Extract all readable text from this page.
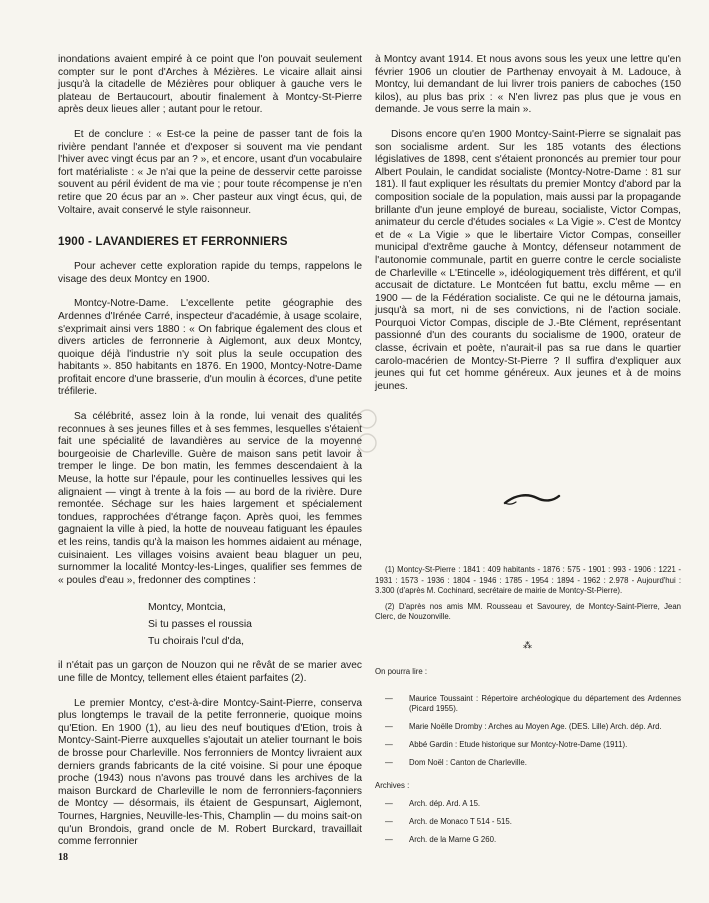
inondations avaient empiré à ce point que l'on pouvait seulement compter sur le pont d'Arches à Mézières. Le vicaire allait ainsi jusqu'à la citadelle de Mézières pour obliquer à gauche vers le plateau de Bertaucourt, aboutir finalement à Montcy-St-Pierre après deux lieues aller ; autant pour le retour.

Et de conclure : « Est-ce la peine de passer tant de fois la rivière pendant l'année et d'exposer si souvent ma vie pendant l'hiver avec vingt écus par an ? », et encore, usant d'un vocabulaire fort matérialiste : « Je n'ai que la peine de desservir cette paroisse souvent au péril évident de ma vie ; pour toute récompense je n'en retire que 20 écus par an ». Cher pasteur aux vingt écus, qui, de Voltaire, avait conservé le style raisonneur.

1900 - LAVANDIERES ET FERRONNIERS

Pour achever cette exploration rapide du temps, rappelons le visage des deux Montcy en 1900.

Montcy-Notre-Dame. L'excellente petite géographie des Ardennes d'Irénée Carré, inspecteur d'académie, à usage scolaire, s'exprimait ainsi vers 1880 : « On fabrique également des clous et divers articles de ferronnerie à Aiglemont, aux deux Montcy, quoique déjà l'industrie n'y soit plus la seule occupation des habitants ». 850 habitants en 1876. En 1900, Montcy-Notre-Dame profitait encore d'une brasserie, d'un moulin à écorces, d'une petite tréfilerie.

Sa célébrité, assez loin à la ronde, lui venait des qualités reconnues à ses jeunes filles et à ses femmes, lesquelles s'étaient fait une spécialité de lavandières au service de la moyenne bourgeoisie de Charleville. Guère de maison sans petit lavoir à tremper le linge. De bon matin, les femmes descendaient à la Meuse, la hotte sur l'épaule, pour les continuelles lessives qui les alignaient — vingt à trente à la fois — au bord de la rivière. Dure remontée. Séchage sur les haies largement et spécialement tondues, rapprochées d'étrange façon. Après quoi, les femmes gagnaient la ville à pied, la hotte de nouveau fatiguant les épaules et les reins, tandis qu'à la maison les hommes aidaient au ménage, cuisinaient. Les villages voisins avaient beau blaguer un peu, surnommer la localité Montcy-les-Linges, qualifier ses femmes de « poules d'eau », fredonner des comptines :

Montcy, Montcia,
Si tu passes el roussia
Tu choirais l'cul d'da,

il n'était pas un garçon de Nouzon qui ne rêvât de se marier avec une fille de Montcy, tellement elles étaient parfaites (2).

Le premier Montcy, c'est-à-dire Montcy-Saint-Pierre, conserva plus longtemps le travail de la petite ferronnerie, quoique moins qu'Etion. En 1900 (1), au lieu des neuf boutiques d'Etion, trois à Montcy-Saint-Pierre auxquelles s'ajoutait un atelier tournant le bois de brosse pour Charleville. Nos ferronniers de Montcy livraient aux derniers grands fabricants de la cité voisine. Si pour une époque proche (1943) nous n'avons pas trouvé dans les archives de la maison Burckard de Charleville le nom de ferronniers-façonniers de Montcy — désormais, ils étaient de Gespunsart, Aiglemont, Tournes, Hargnies, Neuville-les-This, Champlin — du moins sait-on qu'un Brondois, grand oncle de M. Robert Burckard, travaillait comme ferronnier

à Montcy avant 1914. Et nous avons sous les yeux une lettre qu'en février 1906 un cloutier de Parthenay envoyait à M. Ladouce, à Montcy, lui demandant de lui livrer trois paniers de caboches (150 kilos), au plus bas prix : « N'en livrez pas plus que je vous en demande. Je vous serre la main ».

Disons encore qu'en 1900 Montcy-Saint-Pierre se signalait pas son socialisme ardent. Sur les 185 votants des élections législatives de 1898, cent s'étaient prononcés au premier tour pour Albert Poulain, le candidat socialiste (Montcy-Notre-Dame : 81 sur 181). Il faut expliquer les résultats du premier Montcy d'abord par la composition sociale de la population, mais aussi par la propagande brillante d'un jeune employé de bureau, socialiste, Victor Compas, animateur du cercle d'études sociales « La Vigie ». C'est de Montcy et de « La Vigie » que le libertaire Victor Compas, conseiller municipal d'extrême gauche à Montcy, défenseur notamment de l'autonomie communale, partit en guerre contre le cercle socialiste de Charleville « L'Etincelle », idéologiquement très différent, et qu'il accusait de dictature. Le Montcéen fut battu, exclu même — en 1900 — de la Fédération socialiste. Ce qui ne le détourna jamais, jusqu'à sa mort, ni de ses convictions, ni de l'action sociale. Pourquoi Victor Compas, disciple de J.-Bte Clément, représentant passionné d'un des courants du socialisme de 1900, orateur de classe, écrivain et poète, n'aurait-il pas sa rue dans le quartier carolo-macérien de Montcy-St-Pierre ? Il suffira d'expliquer aux jeunes qui fut cet homme généreux. Aux jeunes et à de moins jeunes.

(1) Montcy-St-Pierre : 1841 : 409 habitants - 1876 : 575 - 1901 : 993 - 1906 : 1221 - 1931 : 1573 - 1936 : 1804 - 1946 : 1785 - 1954 : 1894 - 1962 : 2.978 - Aujourd'hui : 3.300 (d'après M. Cochinard, secrétaire de mairie de Montcy-St-Pierre).

(2) D'après nos amis MM. Rousseau et Savourey, de Montcy-Saint-Pierre, Jean Clerc, de Nouzonville.

⁂
On pourra lire :
— Maurice Toussaint : Répertoire archéologique du département des Ardennes (Picard 1955).
— Marie Noëlle Dromby : Arches au Moyen Age. (DES. Lille) Arch. dép. Ard.
— Abbé Gardin : Etude historique sur Montcy-Notre-Dame (1911).
— Dom Noël : Canton de Charleville.
Archives :
— Arch. dép. Ard. A 15.
— Arch. de Monaco T 514 - 515.
— Arch. de la Marne G 260.
18
